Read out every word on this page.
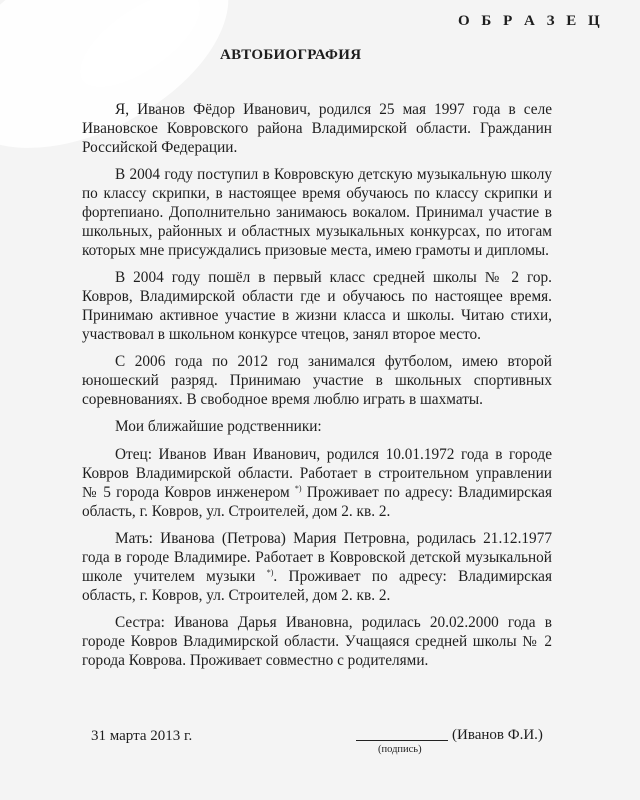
О Б Р А З Е Ц
АВТОБИОГРАФИЯ

Я, Иванов Фёдор Иванович, родился 25 мая 1997 года в селе Ивановское Ковровского района Владимирской области. Гражданин Российской Федерации.

В 2004 году поступил в Ковровскую детскую музыкальную школу по классу скрипки, в настоящее время обучаюсь по классу скрипки и фортепиано. Дополнительно занимаюсь вокалом. Принимал участие в школьных, районных и областных музыкальных конкурсах, по итогам которых мне присуждались призовые места, имею грамоты и дипломы.

В 2004 году пошёл в первый класс средней школы № 2 гор. Ковров, Владимирской области где и обучаюсь по настоящее время. Принимаю активное участие в жизни класса и школы. Читаю стихи, участвовал в школьном конкурсе чтецов, занял второе место.

С 2006 года по 2012 год занимался футболом, имею второй юношеский разряд. Принимаю участие в школьных спортивных соревнованиях. В свободное время люблю играть в шахматы.

Мои ближайшие родственники:

Отец: Иванов Иван Иванович, родился 10.01.1972 года в городе Ковров Владимирской области. Работает в строительном управлении № 5 города Ковров инженером *) Проживает по адресу: Владимирская область, г. Ковров, ул. Строителей, дом 2. кв. 2.

Мать: Иванова (Петрова) Мария Петровна, родилась 21.12.1977 года в городе Владимире. Работает в Ковровской детской музыкальной школе учителем музыки *). Проживает по адресу: Владимирская область, г. Ковров, ул. Строителей, дом 2. кв. 2.

Сестра: Иванова Дарья Ивановна, родилась 20.02.2000 года в городе Ковров Владимирской области. Учащаяся средней школы № 2 города Коврова. Проживает совместно с родителями.

31 марта 2013 г.	(Иванов Ф.И.)
(подпись)
